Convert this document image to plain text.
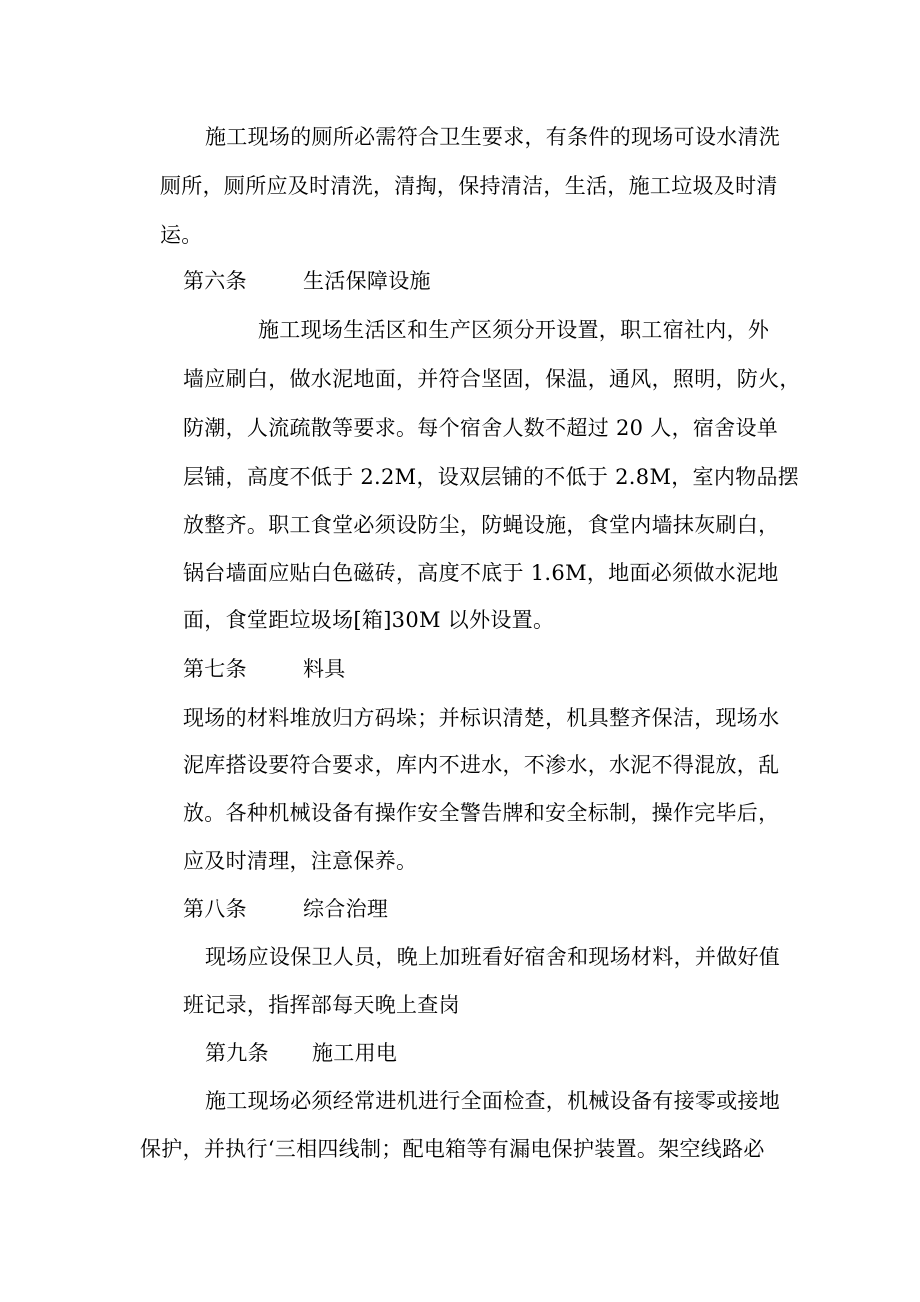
施工现场的厕所必需符合卫生要求，有条件的现场可设水清洗
厕所，厕所应及时清洗，清掏，保持清洁，生活，施工垃圾及时清
运。
第六条	生活保障设施
施工现场生活区和生产区须分开设置，职工宿社内，外
墙应刷白，做水泥地面，并符合坚固，保温，通风，照明，防火，
防潮，人流疏散等要求。每个宿舍人数不超过 20 人，宿舍设单
层铺，高度不低于 2.2M，设双层铺的不低于 2.8M，室内物品摆
放整齐。职工食堂必须设防尘，防蝇设施，食堂内墙抹灰刷白，
锅台墙面应贴白色磁砖，高度不底于 1.6M，地面必须做水泥地
面，食堂距垃圾场[箱]30M 以外设置。
第七条	料具
现场的材料堆放归方码垛；并标识清楚，机具整齐保洁，现场水
泥库搭设要符合要求，库内不进水，不渗水，水泥不得混放，乱
放。各种机械设备有操作安全警告牌和安全标制，操作完毕后，
应及时清理，注意保养。
第八条	综合治理
现场应设保卫人员，晚上加班看好宿舍和现场材料，并做好值
班记录，指挥部每天晚上查岗
第九条 施工用电
施工现场必须经常进机进行全面检查，机械设备有接零或接地
保护，并执行‘三相四线制；配电箱等有漏电保护装置。架空线路必
